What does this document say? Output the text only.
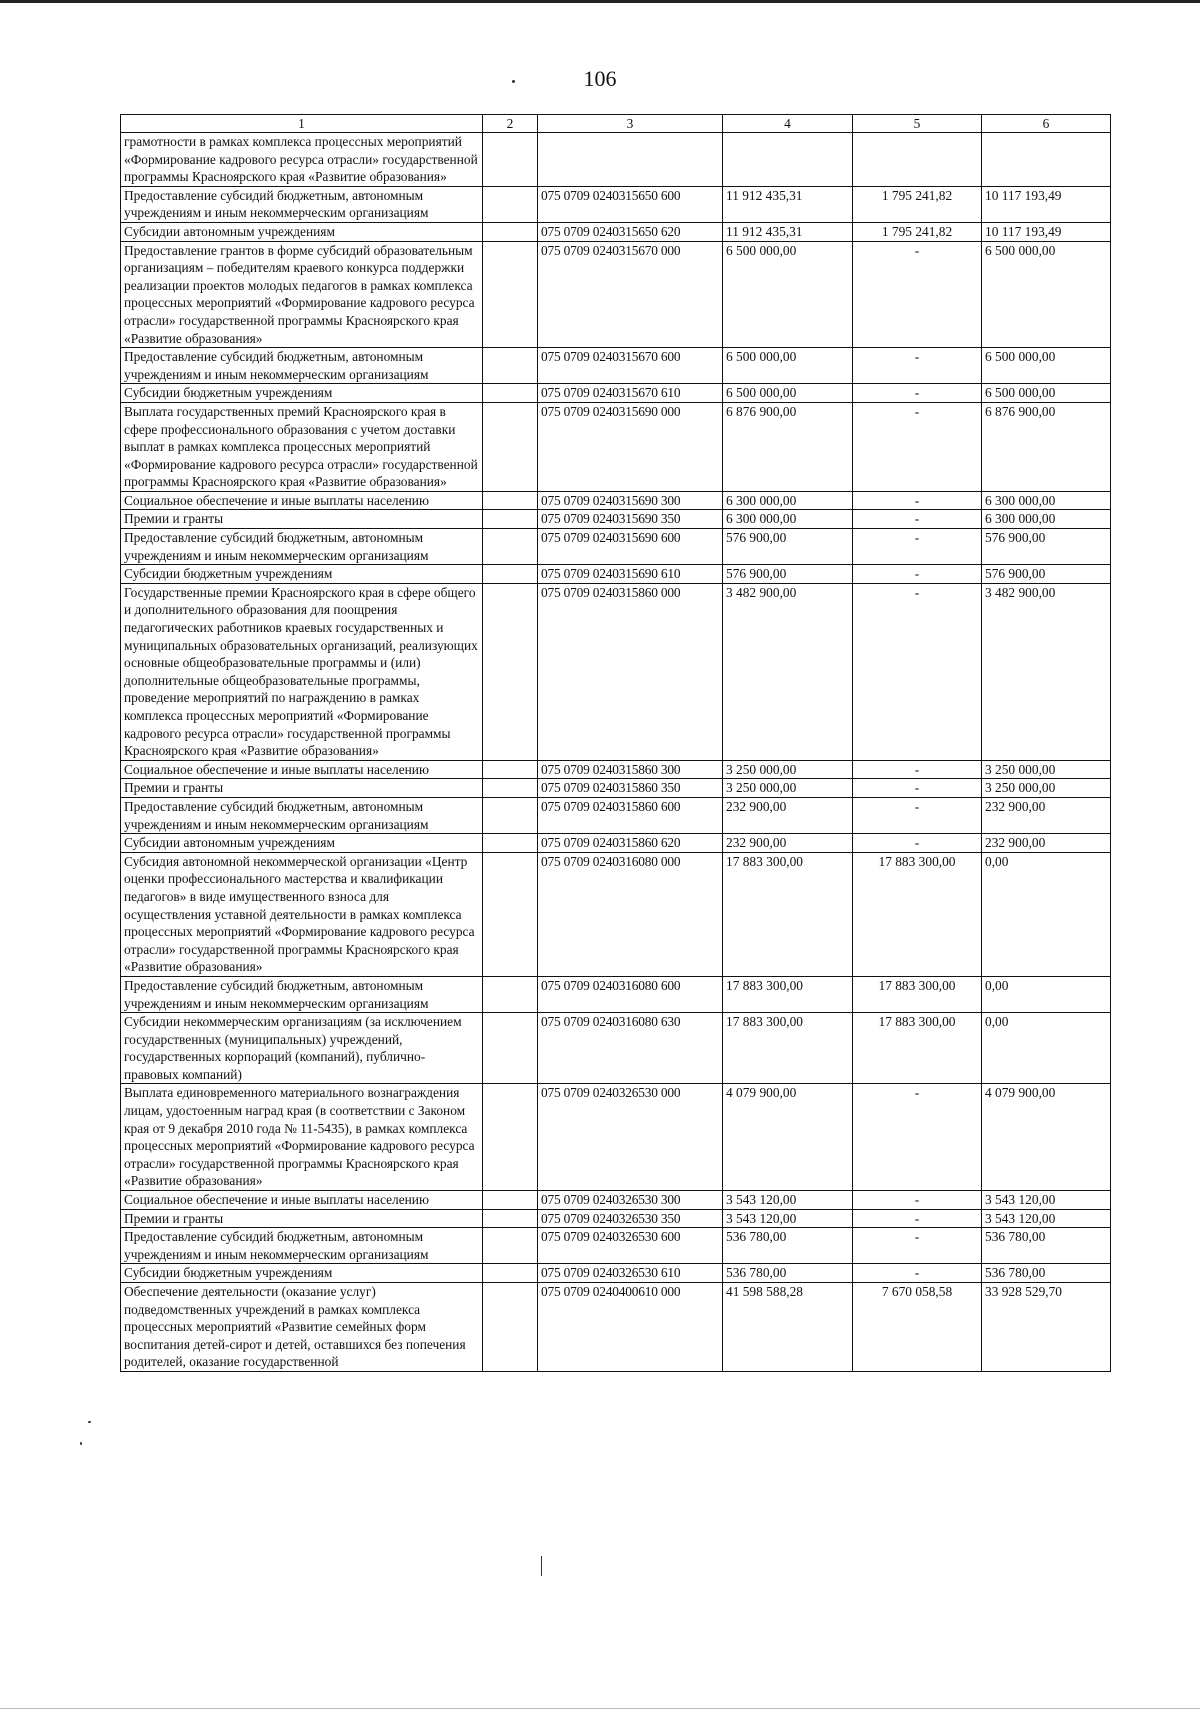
106
1	2	3	4	5	6
грамотности в рамках комплекса процессных мероприятий «Формирование кадрового ресурса отрасли» государственной программы Красноярского края «Развитие образования»					
Предоставление субсидий бюджетным, автономным учреждениям и иным некоммерческим организациям		075 0709 0240315650 600	11 912 435,31	1 795 241,82	10 117 193,49
Субсидии автономным учреждениям		075 0709 0240315650 620	11 912 435,31	1 795 241,82	10 117 193,49
Предоставление грантов в форме субсидий образовательным организациям – победителям краевого конкурса поддержки реализации проектов молодых педагогов в рамках комплекса процессных мероприятий «Формирование кадрового ресурса отрасли» государственной программы Красноярского края «Развитие образования»		075 0709 0240315670 000	6 500 000,00	-	6 500 000,00
Предоставление субсидий бюджетным, автономным учреждениям и иным некоммерческим организациям		075 0709 0240315670 600	6 500 000,00	-	6 500 000,00
Субсидии бюджетным учреждениям		075 0709 0240315670 610	6 500 000,00	-	6 500 000,00
Выплата государственных премий Красноярского края в сфере профессионального образования с учетом доставки выплат в рамках комплекса процессных мероприятий «Формирование кадрового ресурса отрасли» государственной программы Красноярского края «Развитие образования»		075 0709 0240315690 000	6 876 900,00	-	6 876 900,00
Социальное обеспечение и иные выплаты населению		075 0709 0240315690 300	6 300 000,00	-	6 300 000,00
Премии и гранты		075 0709 0240315690 350	6 300 000,00	-	6 300 000,00
Предоставление субсидий бюджетным, автономным учреждениям и иным некоммерческим организациям		075 0709 0240315690 600	576 900,00	-	576 900,00
Субсидии бюджетным учреждениям		075 0709 0240315690 610	576 900,00	-	576 900,00
Государственные премии Красноярского края в сфере общего и дополнительного образования для поощрения педагогических работников краевых государственных и муниципальных образовательных организаций, реализующих основные общеобразовательные программы и (или) дополнительные общеобразовательные программы, проведение мероприятий по награждению в рамках комплекса процессных мероприятий «Формирование кадрового ресурса отрасли» государственной программы Красноярского края «Развитие образования»		075 0709 0240315860 000	3 482 900,00	-	3 482 900,00
Социальное обеспечение и иные выплаты населению		075 0709 0240315860 300	3 250 000,00	-	3 250 000,00
Премии и гранты		075 0709 0240315860 350	3 250 000,00	-	3 250 000,00
Предоставление субсидий бюджетным, автономным учреждениям и иным некоммерческим организациям		075 0709 0240315860 600	232 900,00	-	232 900,00
Субсидии автономным учреждениям		075 0709 0240315860 620	232 900,00	-	232 900,00
Субсидия автономной некоммерческой организации «Центр оценки профессионального мастерства и квалификации педагогов» в виде имущественного взноса для осуществления уставной деятельности в рамках комплекса процессных мероприятий «Формирование кадрового ресурса отрасли» государственной программы Красноярского края «Развитие образования»		075 0709 0240316080 000	17 883 300,00	17 883 300,00	0,00
Предоставление субсидий бюджетным, автономным учреждениям и иным некоммерческим организациям		075 0709 0240316080 600	17 883 300,00	17 883 300,00	0,00
Субсидии некоммерческим организациям (за исключением государственных (муниципальных) учреждений, государственных корпораций (компаний), публично-правовых компаний)		075 0709 0240316080 630	17 883 300,00	17 883 300,00	0,00
Выплата единовременного материального вознаграждения лицам, удостоенным наград края (в соответствии с Законом края от 9 декабря 2010 года № 11-5435), в рамках комплекса процессных мероприятий «Формирование кадрового ресурса отрасли» государственной программы Красноярского края «Развитие образования»		075 0709 0240326530 000	4 079 900,00	-	4 079 900,00
Социальное обеспечение и иные выплаты населению		075 0709 0240326530 300	3 543 120,00	-	3 543 120,00
Премии и гранты		075 0709 0240326530 350	3 543 120,00	-	3 543 120,00
Предоставление субсидий бюджетным, автономным учреждениям и иным некоммерческим организациям		075 0709 0240326530 600	536 780,00	-	536 780,00
Субсидии бюджетным учреждениям		075 0709 0240326530 610	536 780,00	-	536 780,00
Обеспечение деятельности (оказание услуг) подведомственных учреждений в рамках комплекса процессных мероприятий «Развитие семейных форм воспитания детей-сирот и детей, оставшихся без попечения родителей, оказание государственной		075 0709 0240400610 000	41 598 588,28	7 670 058,58	33 928 529,70
